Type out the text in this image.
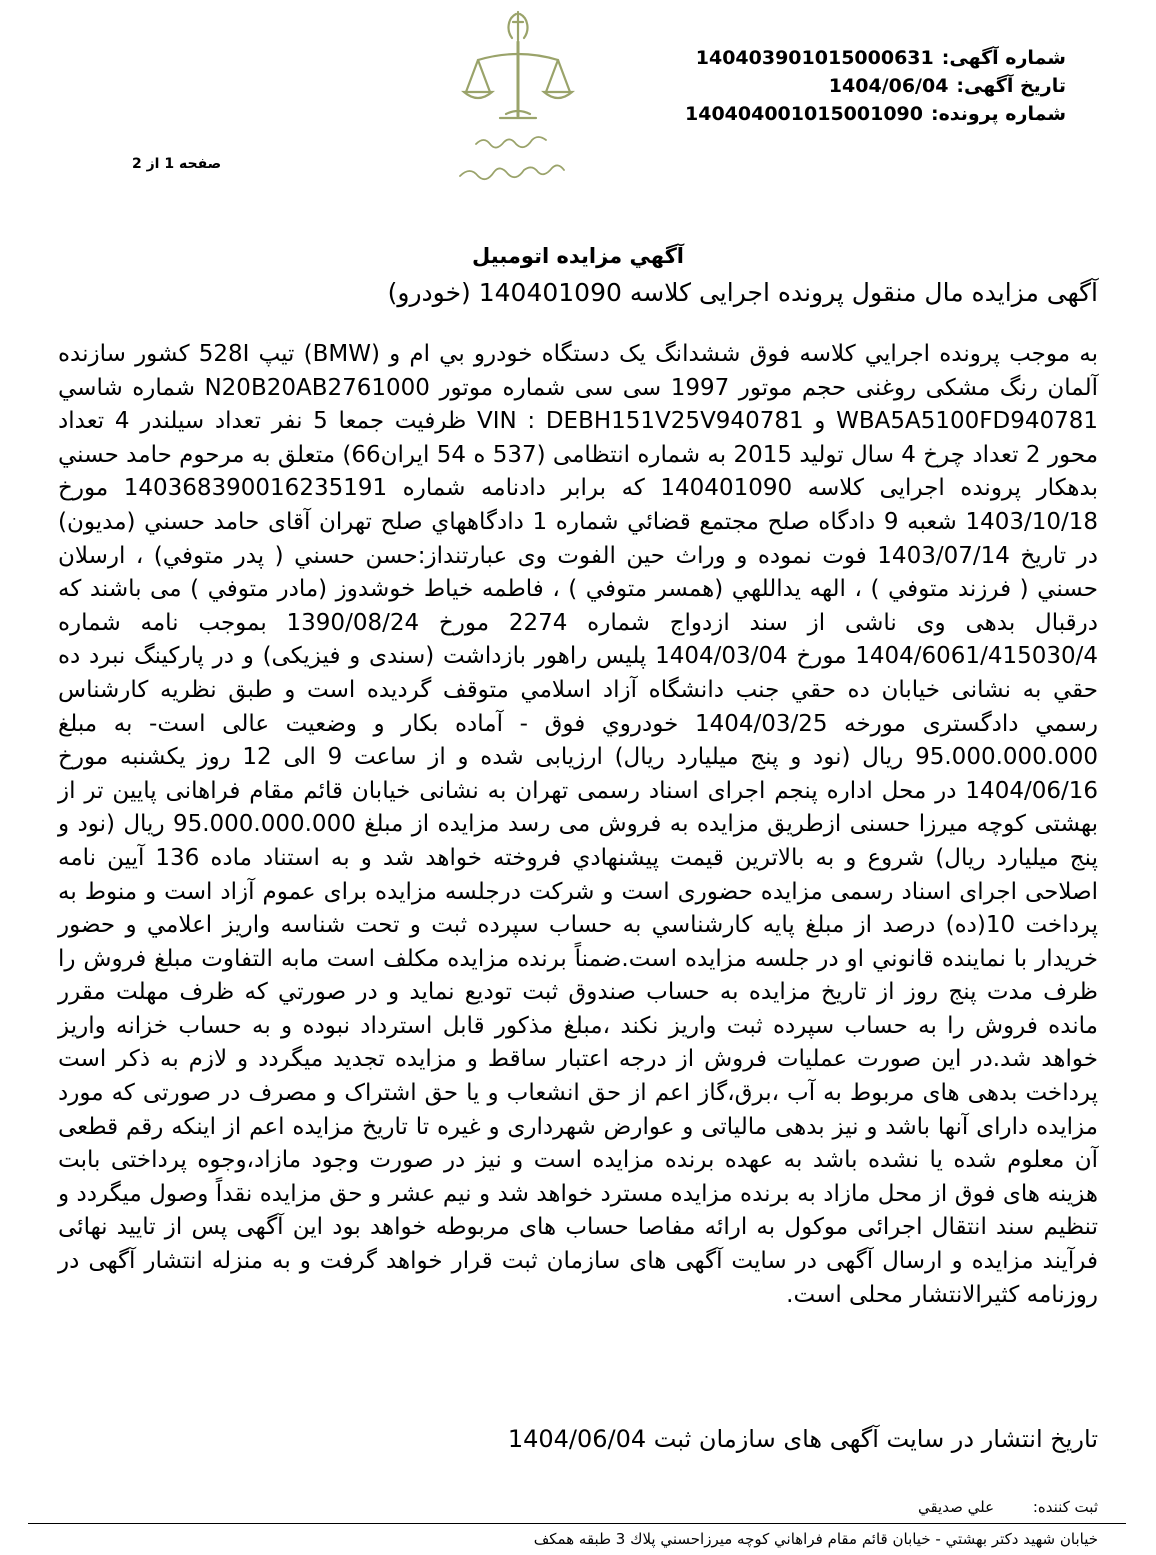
شماره آگهی:
14040390101500063​1
تاریخ آگهی:
1404/06/04
شماره پرونده:
140404001015001090
صفحه 1 از 2
آگهي مزايده اتومبيل
آگهی مزایده مال منقول پرونده اجرایی کلاسه 140401090 (خودرو)
به موجب پرونده اجرايي كلاسه فوق ششدانگ يک دستگاه خودرو بي ام و (BMW) تيپ 528I كشور سازنده آلمان رنگ مشکی روغنی حجم موتور 1997 سی سی شماره موتور N20B20AB2761000 شماره شاسي WBA5A5100FD940781 و VIN : DEBH151V25V940781 ظرفیت جمعا 5 نفر تعداد سیلندر 4 تعداد محور 2 تعداد چرخ 4 سال تولید 2015 به شماره انتظامی (537 ه 54 ایران66) متعلق به مرحوم حامد حسني بدهکار پرونده اجرایی کلاسه 140401090 که برابر دادنامه شماره 140368390016235191 مورخ 1403/10/18 شعبه 9 دادگاه صلح مجتمع قضائي شماره 1 دادگاههاي صلح تهران آقای حامد حسني (مديون) در تاريخ 1403/07/14 فوت نموده و وراث حين الفوت وی عبارتنداز:حسن حسني ( پدر متوفي) ، ارسلان حسني ( فرزند متوفي ) ، الهه يداللهي (همسر متوفي ) ، فاطمه خياط خوشدوز (مادر متوفي ) می باشند كه درقبال بدهی وی ناشی از سند ازدواج شماره 2274 مورخ 1390/08/24 بموجب نامه شماره 1404/6061/415030/4 مورخ 1404/03/04 پلیس راهور بازداشت (سندی و فیزیکی) و در پارکینگ نبرد ده حقي به نشانی خيابان ده حقي جنب دانشگاه آزاد اسلامي متوقف گرديده است و طبق نظريه كارشناس رسمي دادگستری مورخه 1404/03/25 خودروي فوق - آماده بکار و وضعیت عالی است- به مبلغ 95.000.000.000 ريال (نود و پنج ميليارد ريال) ارزيابی شده و از ساعت 9 الی 12 روز يكشنبه مورخ 1404/06/16 در محل اداره پنجم اجرای اسناد رسمی تهران به نشانی خيابان قائم مقام فراهانی پایین تر از بهشتی کوچه میرزا حسنی ازطریق مزایده به فروش می رسد مزايده از مبلغ 95.000.000.000 ريال (نود و پنج ميليارد ريال) شروع و به بالاترين قيمت پيشنهادي فروخته خواهد شد و به استناد ماده 136 آیین نامه اصلاحی اجرای اسناد رسمی مزایده حضوری است و شركت درجلسه مزايده برای عموم آزاد است و منوط به پرداخت 10(ده) درصد از مبلغ پايه كارشناسي به حساب سپرده ثبت و تحت شناسه واريز اعلامي و حضور خريدار با نماينده قانوني او در جلسه مزايده است.ضمناً برنده مزايده مكلف است مابه التفاوت مبلغ فروش را ظرف مدت پنج روز از تاريخ مزايده به حساب صندوق ثبت تودیع نمايد و در صورتي كه ظرف مهلت مقرر مانده فروش را به حساب سپرده ثبت واريز نكند ،مبلغ مذکور قابل استرداد نبوده و به حساب خزانه واریز خواهد شد.در این صورت عملیات فروش از درجه اعتبار ساقط و مزايده تجديد ميگردد و لازم به ذکر است پرداخت بدهی های مربوط به آب ،برق،گاز اعم از حق انشعاب و يا حق اشتراک و مصرف در صورتی که مورد مزایده دارای آنها باشد و نيز بدهی مالیاتی و عوارض شهرداری و غيره تا تاريخ مزايده اعم از اينكه رقم قطعی آن معلوم شده يا نشده باشد به عهده برنده مزايده است و نیز در صورت وجود مازاد،وجوه پرداختی بابت هزینه های فوق از محل مازاد به برنده مزایده مسترد خواهد شد و نیم عشر و حق مزایده نقداً وصول میگردد و تنظیم سند انتقال اجرائی موکول به ارائه مفاصا حساب های مربوطه خواهد بود این آگهی پس از تایید نهائی فرآیند مزایده و ارسال آگهی در سایت آگهی های سازمان ثبت قرار خواهد گرفت و به منزله انتشار آگهی در روزنامه کثیرالانتشار محلی است.
تاریخ انتشار در سایت آگهی های سازمان ثبت 1404/06/04
ثبت كننده: علي صديقي
خيابان شهيد دكتر بهشتي - خيابان قائم مقام فراهاني كوچه ميرزاحسني پلاك 3 طبقه همكف
